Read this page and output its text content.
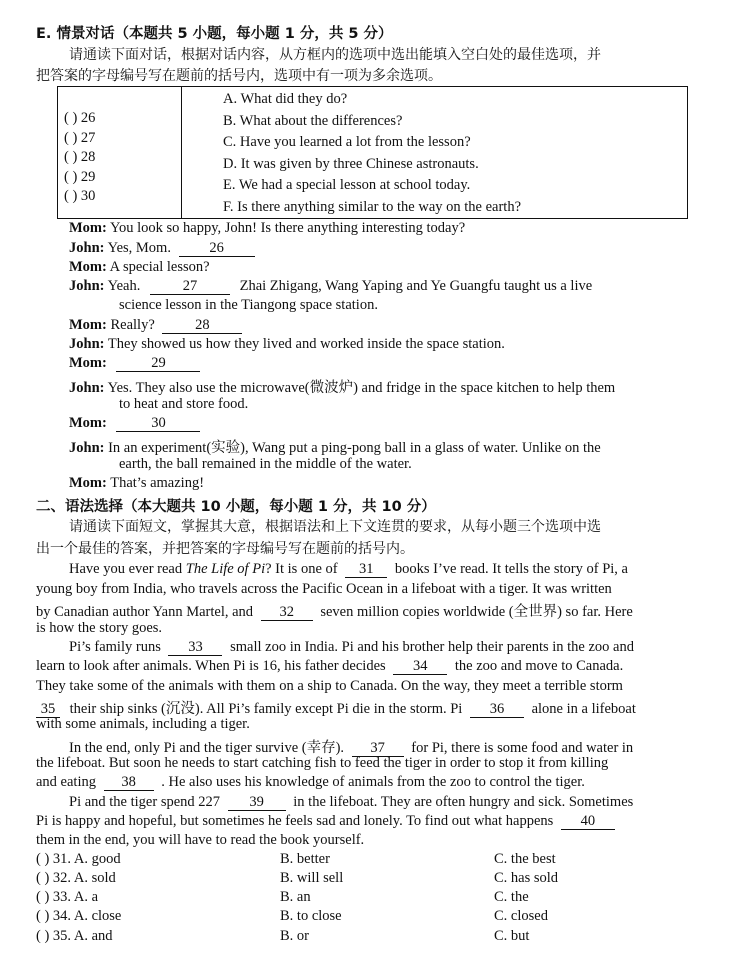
E. 情景对话（本题共 5 小题，每小题 1 分，共 5 分）
请通读下面对话，根据对话内容，从方框内的选项中选出能填入空白处的最佳选项，并
把答案的字母编号写在题前的括号内，选项中有一项为多余选项。
( ) 26
( ) 27
( ) 28
( ) 29
( ) 30
A. What did they do?
B. What about the differences?
C. Have you learned a lot from the lesson?
D. It was given by three Chinese astronauts.
E. We had a special lesson at school today.
F. Is there anything similar to the way on the earth?
Mom: You look so happy, John! Is there anything interesting today?
John: Yes, Mom.	26
Mom: A special lesson?
John: Yeah.	27	Zhai Zhigang, Wang Yaping and Ye Guangfu taught us a live
science lesson in the Tiangong space station.
Mom: Really?	28
John: They showed us how they lived and worked inside the space station.
Mom:	29
John: Yes. They also use the microwave(微波炉) and fridge in the space kitchen to help them
to heat and store food.
Mom:	30
John: In an experiment(实验), Wang put a ping-pong ball in a glass of water. Unlike on the
earth, the ball remained in the middle of the water.
Mom: That’s amazing!
二、语法选择（本大题共 10 小题，每小题 1 分，共 10 分）
请通读下面短文，掌握其大意，根据语法和上下文连贯的要求，从每小题三个选项中选
出一个最佳的答案，并把答案的字母编号写在题前的括号内。
Have you ever read The Life of Pi? It is one of 31 books I’ve read. It tells the story of Pi, a
young boy from India, who travels across the Pacific Ocean in a lifeboat with a tiger. It was written
by Canadian author Yann Martel, and 32 seven million copies worldwide (全世界) so far. Here
is how the story goes.
Pi’s family runs 33 small zoo in India. Pi and his brother help their parents in the zoo and
learn to look after animals. When Pi is 16, his father decides 34 the zoo and move to Canada.
They take some of the animals with them on a ship to Canada. On the way, they meet a terrible storm
35 their ship sinks (沉没). All Pi’s family except Pi die in the storm. Pi 36 alone in a lifeboat
with some animals, including a tiger.
In the end, only Pi and the tiger survive (幸存). 37 for Pi, there is some food and water in
the lifeboat. But soon he needs to start catching fish to feed the tiger in order to stop it from killing
and eating 38 . He also uses his knowledge of animals from the zoo to control the tiger.
Pi and the tiger spend 227 39 in the lifeboat. They are often hungry and sick. Sometimes
Pi is happy and hopeful, but sometimes he feels sad and lonely. To find out what happens 40
them in the end, you will have to read the book yourself.
( ) 31. A. good	B. better	C. the best
( ) 32. A. sold	B. will sell	C. has sold
( ) 33. A. a	B. an	C. the
( ) 34. A. close	B. to close	C. closed
( ) 35. A. and	B. or	C. but
